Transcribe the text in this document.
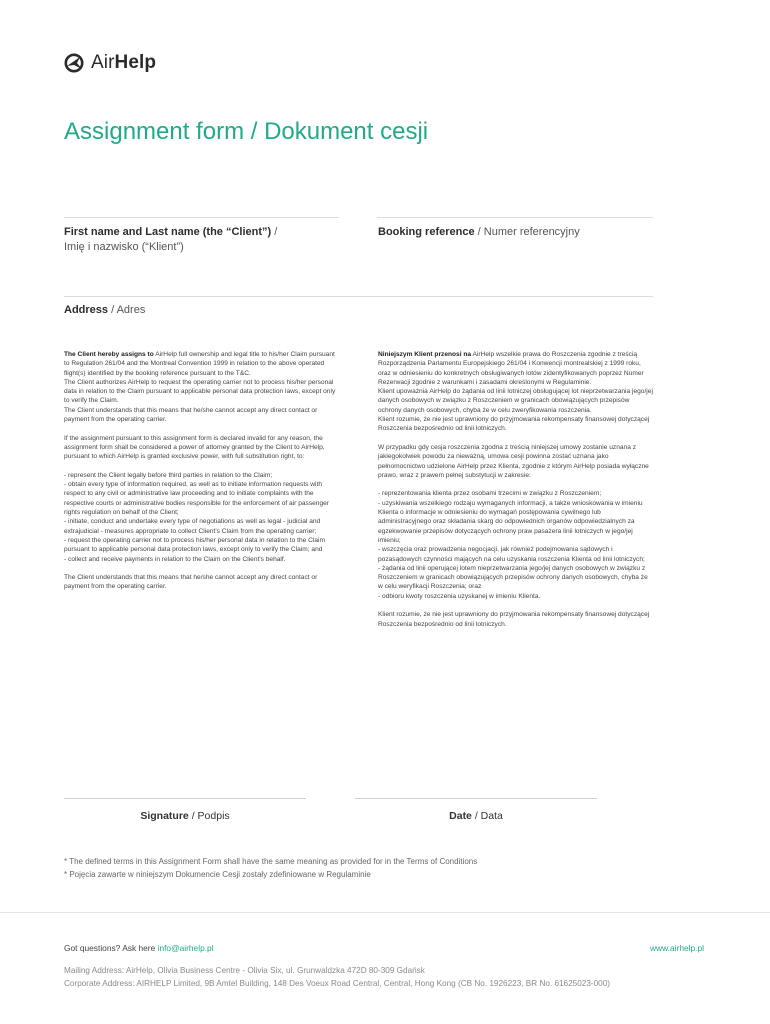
AirHelp
Assignment form / Dokument cesji
First name and Last name (the “Client”) /
Imię i nazwisko (“Klient”)
Booking reference / Numer referencyjny
Address / Adres

The Client hereby assigns to AirHelp full ownership and legal title to his/her Claim pursuant to Regulation 261/04 and the Montreal Convention 1999 in relation to the above operated flight(s) identified by the booking reference pursuant to the T&C.
The Client authorizes AirHelp to request the operating carrier not to process his/her personal data in relation to the Claim pursuant to applicable personal data protection laws, except only to verify the Claim.
The Client understands that this means that he/she cannot accept any direct contact or payment from the operating carrier.

If the assignment pursuant to this assignment form is declared invalid for any reason, the assignment form shall be considered a power of attorney granted by the Client to AirHelp, pursuant to which AirHelp is granted exclusive power, with full substitution right, to:

- represent the Client legally before third parties in relation to the Claim;
- obtain every type of information required, as well as to initiate information requests with respect to any civil or administrative law proceeding and to initiate complaints with the respective courts or administrative bodies responsible for the enforcement of air passenger rights regulation on behalf of the Client;
- initiate, conduct and undertake every type of negotiations as well as legal - judicial and extrajudicial - measures appropriate to collect Client's Claim from the operating carrier;
- request the operating carrier not to process his/her personal data in relation to the Claim pursuant to applicable personal data protection laws, except only to verify the Claim; and
- collect and receive payments in relation to the Claim on the Client's behalf.

The Client understands that this means that he/she cannot accept any direct contact or payment from the operating carrier.

Niniejszym Klient przenosi na AirHelp wszelkie prawa do Roszczenia zgodnie z treścią Rozporządzenia Parlamentu Europejskiego 261/04 i Konwencji montrealskiej z 1999 roku, oraz w odniesieniu do konkretnych obsługiwanych lotów zidentyfikowanych poprzez Numer Rezerwacji zgodnie z warunkami i zasadami określonymi w Regulaminie.
Klient upoważnia AirHelp do żądania od linii lotniczej obsługującej lot nieprzetwarzania jego/jej danych osobowych w związku z Roszczeniem w granicach obowiązujących przepisów ochrony danych osobowych, chyba że w celu zweryfikowania roszczenia.
Klient rozumie, że nie jest uprawniony do przyjmowania rekompensaty finansowej dotyczącej Roszczenia bezpośrednio od linii lotniczych.

W przypadku gdy cesja roszczenia zgodna z treścią niniejszej umowy zostanie uznana z jakiegokolwiek powodu za nieważną, umowa cesji powinna zostać uznana jako pełnomocnictwo udzielone AirHelp przez Klienta, zgodnie z którym AirHelp posiada wyłączne prawo, wraz z prawem pełnej substytucji w zakresie:

- reprezentowania klienta przez osobami trzecimi w związku z Roszczeniem;
- uzyskiwania wszelkiego rodzaju wymaganych informacji, a także wnioskowania w imieniu Klienta o informacje w odniesieniu do wymagań postępowania cywilnego lub administracyjnego oraz składania skarg do odpowiednich organów odpowiedzialnych za egzekwowanie przepisów dotyczących ochrony praw pasażera linii lotniczych w jego/jej imieniu;
- wszczęcia oraz prowadzenia negocjacji, jak również podejmowania sądowych i pozasądowych czynności mających na celu uzyskania roszczenia Klienta od linii lotniczych;
- żądania od linii operującej lotem nieprzetwarzania jego/jej danych osobowych w związku z Roszczeniem w granicach obowiązujących przepisów ochrony danych osobowych, chyba że w celu weryfikacji Roszczenia; oraz
- odbioru kwoty roszczenia uzyskanej w imieniu Klienta.

Klient rozumie, że nie jest uprawniony do przyjmowania rekompensaty finansowej dotyczącej Roszczenia bezpośrednio od linii lotniczych.

Signature / Podpis	Date / Data
* The defined terms in this Assignment Form shall have the same meaning as provided for in the Terms of Conditions
* Pojęcia zawarte w niniejszym Dokumencie Cesji zostały zdefiniowane w Regulaminie
Got questions? Ask here info@airhelp.pl	www.airhelp.pl
Mailing Address: AirHelp, Olivia Business Centre - Olivia Six, ul. Grunwaldzka 472D 80-309 Gdańsk
Corporate Address: AIRHELP Limited, 9B Amtel Building, 148 Des Voeux Road Central, Central, Hong Kong (CB No. 1926223, BR No. 61625023-000)
